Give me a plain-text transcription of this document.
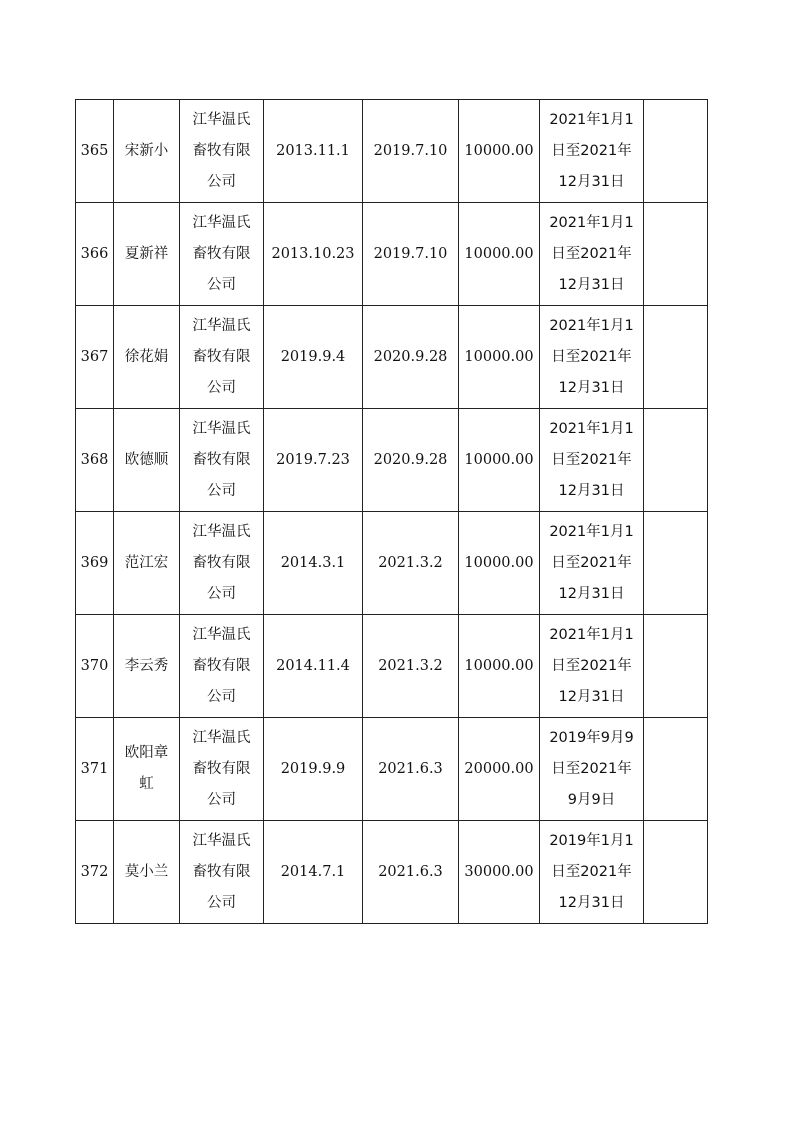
365	宋新小	江华温氏
畜牧有限
公司	2013.11.1	2019.7.10	10000.00	2021年1月1
日至2021年
12月31日	

366	夏新祥	江华温氏
畜牧有限
公司	2013.10.23	2019.7.10	10000.00	2021年1月1
日至2021年
12月31日	

367	徐花娟	江华温氏
畜牧有限
公司	2019.9.4	2020.9.28	10000.00	2021年1月1
日至2021年
12月31日	

368	欧德顺	江华温氏
畜牧有限
公司	2019.7.23	2020.9.28	10000.00	2021年1月1
日至2021年
12月31日	

369	范江宏	江华温氏
畜牧有限
公司	2014.3.1	2021.3.2	10000.00	2021年1月1
日至2021年
12月31日	

370	李云秀	江华温氏
畜牧有限
公司	2014.11.4	2021.3.2	10000.00	2021年1月1
日至2021年
12月31日	

371	欧阳章
虹	江华温氏
畜牧有限
公司	2019.9.9	2021.6.3	20000.00	2019年9月9
日至2021年
9月9日	

372	莫小兰	江华温氏
畜牧有限
公司	2014.7.1	2021.6.3	30000.00	2019年1月1
日至2021年
12月31日	
